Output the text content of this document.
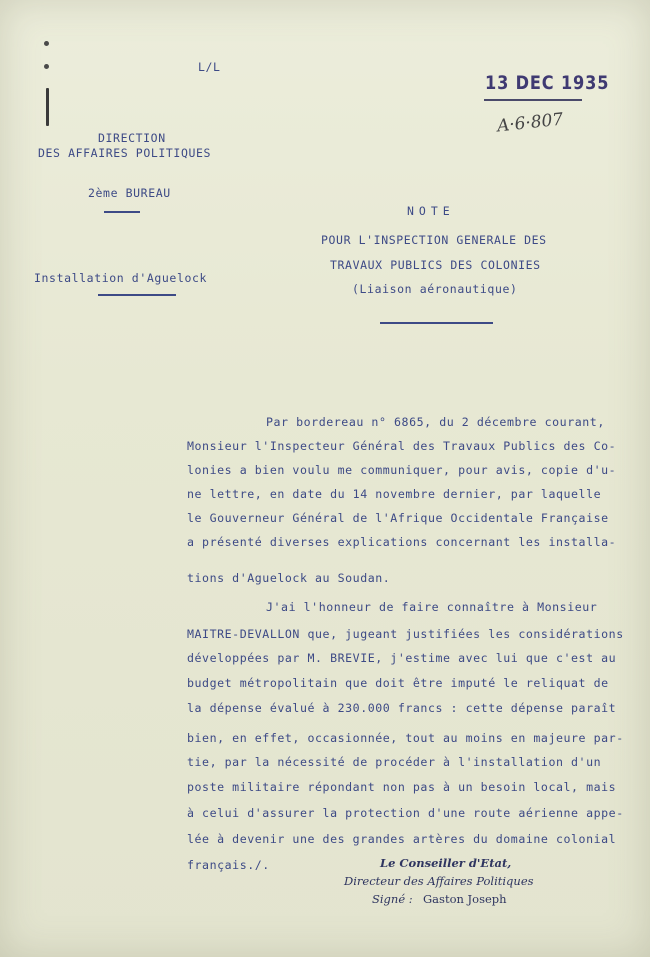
L/L
DIRECTION
DES AFFAIRES POLITIQUES
2ème BUREAU
Installation d'Aguelock
13 DEC 1935
A·6·807
NOTE
POUR L'INSPECTION GENERALE DES
TRAVAUX PUBLICS DES COLONIES
(Liaison aéronautique)
Par bordereau n° 6865, du 2 décembre courant,
Monsieur l'Inspecteur Général des Travaux Publics des Co-
lonies a bien voulu me communiquer, pour avis, copie d'u-
ne lettre, en date du 14 novembre dernier, par laquelle
le Gouverneur Général de l'Afrique Occidentale Française
a présenté diverses explications concernant les installa-
tions d'Aguelock au Soudan.
J'ai l'honneur de faire connaître à Monsieur
MAITRE-DEVALLON que, jugeant justifiées les considérations
développées par M. BREVIE, j'estime avec lui que c'est au
budget métropolitain que doit être imputé le reliquat de
la dépense évalué à 230.000 francs : cette dépense paraît
bien, en effet, occasionnée, tout au moins en majeure par-
tie, par la nécessité de procéder à l'installation d'un
poste militaire répondant non pas à un besoin local, mais
à celui d'assurer la protection d'une route aérienne appe-
lée à devenir une des grandes artères du domaine colonial
français./.	Le Conseiller d'Etat,
Directeur des Affaires Politiques
Signé : Gaston Joseph
